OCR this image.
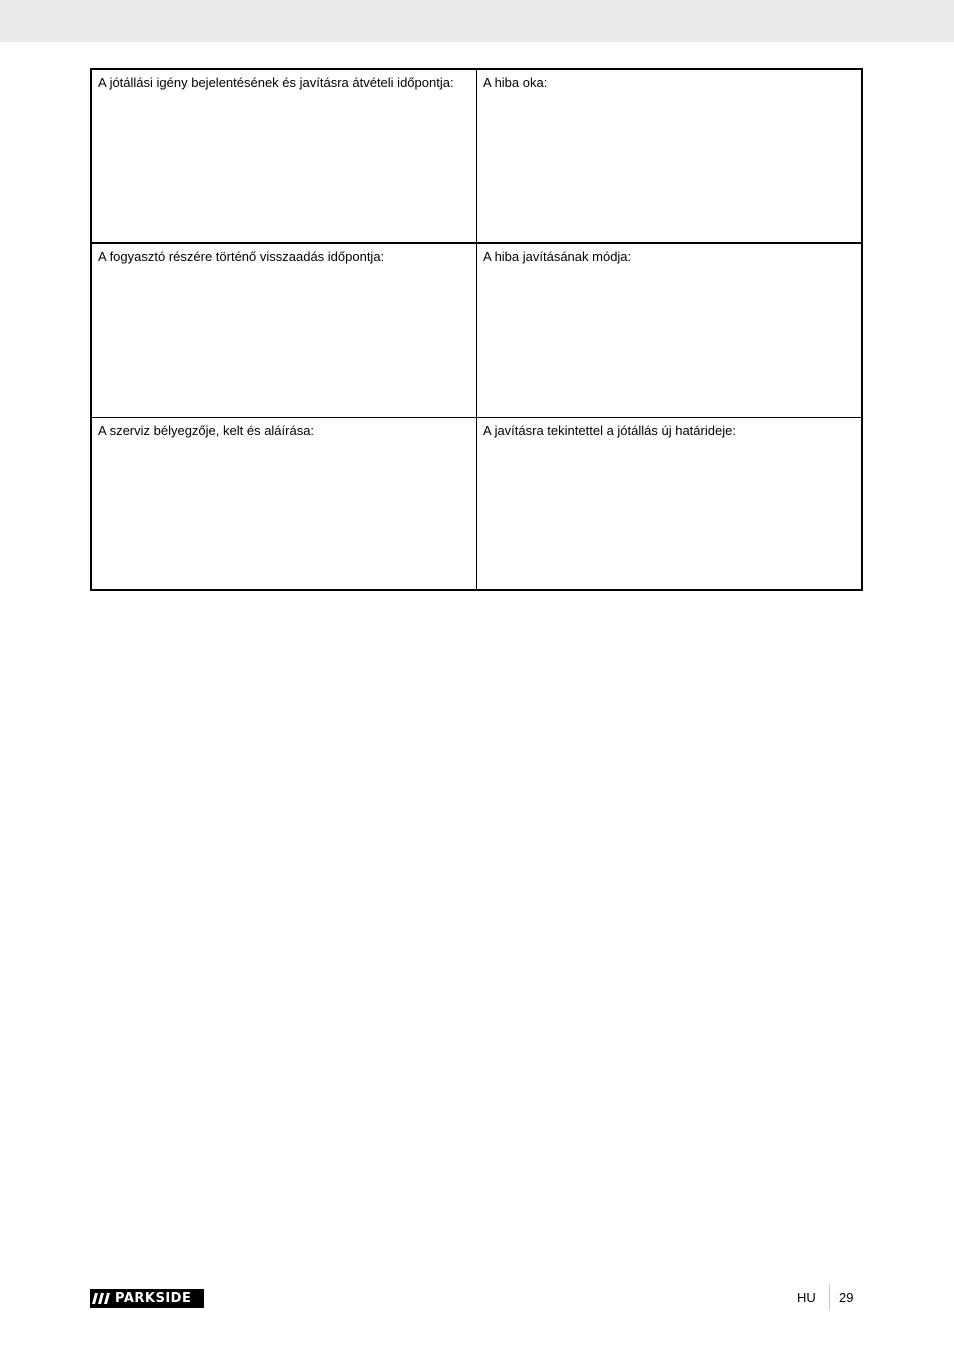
A jótállási igény bejelentésének és javításra átvételi időpontja:	A hiba oka:
A fogyasztó részére történő visszaadás időpontja:	A hiba javításának módja:
A szerviz bélyegzője, kelt és aláírása:	A javításra tekintettel a jótállás új határideje:
PARKSIDE	HU 29
